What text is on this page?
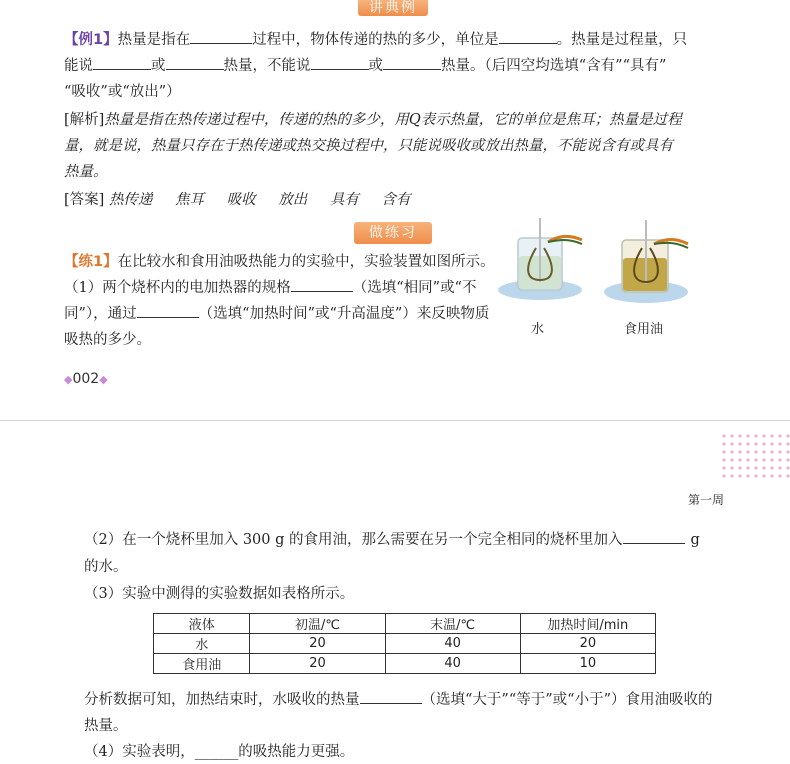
讲典例
【例1】热量是指在	过程中，物体传递的热的多少，单位是	。热量是过程量，只
能说	或	热量，不能说	或	热量。（后四空均选填“含有”“具有”
“吸收”或“放出”）
[解析]热量是指在热传递过程中，传递的热的多少，用Q表示热量，它的单位是焦耳；热量是过程
量，就是说，热量只存在于热传递或热交换过程中，只能说吸收或放出热量，不能说含有或具有
热量。
[答案] 热传递 焦耳 吸收 放出 具有 含有
做练习
【练1】在比较水和食用油吸热能力的实验中，实验装置如图所示。
（1）两个烧杯内的电加热器的规格	（选填“相同”或“不
同”），通过	（选填“加热时间”或“升高温度”）来反映物质
吸热的多少。
水	食用油
◆002◆
第一周
（2）在一个烧杯里加入 300 g 的食用油，那么需要在另一个完全相同的烧杯里加入	g
的水。
（3）实验中测得的实验数据如表格所示。
液体	初温/℃	末温/℃	加热时间/min
水	20	40	20
食用油	20	40	10
分析数据可知，加热结束时，水吸收的热量	（选填“大于”“等于”或“小于”）食用油吸收的
热量。
（4）实验表明，______的吸热能力更强。
